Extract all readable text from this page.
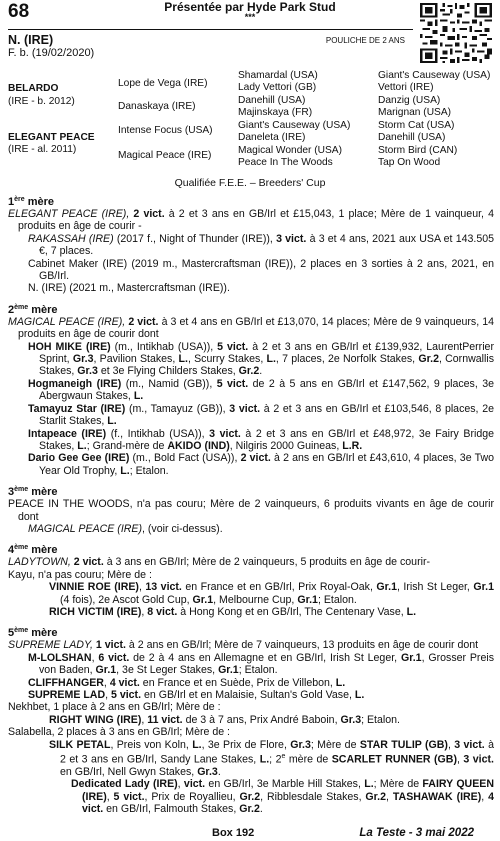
68	Présentée par Hyde Park Stud
***
N. (IRE)
F. b. (19/02/2020)
POULICHE DE 2 ANS
BELARDO
(IRE - b. 2012)
ELEGANT PEACE
(IRE - al. 2011)
Lope de Vega (IRE)
Danaskaya (IRE)
Intense Focus (USA)
Magical Peace (IRE)
Shamardal (USA)
Lady Vettori (GB)
Danehill (USA)
Majinskaya (FR)
Giant's Causeway (USA)
Daneleta (IRE)
Magical Wonder (USA)
Peace In The Woods
Giant's Causeway (USA)
Vettori (IRE)
Danzig (USA)
Marignan (USA)
Storm Cat (USA)
Danehill (USA)
Storm Bird (CAN)
Tap On Wood
Qualifiée F.E.E. – Breeders' Cup
1ère mère
ELEGANT PEACE (IRE), 2 vict. à 2 et 3 ans en GB/Irl et £15,043, 1 place; Mère de 1 vainqueur, 4 produits en âge de courir -
RAKASSAH (IRE) (2017 f., Night of Thunder (IRE)), 3 vict. à 3 et 4 ans, 2021 aux USA et 143.505 €, 7 places.
Cabinet Maker (IRE) (2019 m., Mastercraftsman (IRE)), 2 places en 3 sorties à 2 ans, 2021, en GB/Irl.
N. (IRE) (2021 m., Mastercraftsman (IRE)).
2ème mère
MAGICAL PEACE (IRE), 2 vict. à 3 et 4 ans en GB/Irl et £13,070, 14 places; Mère de 9 vainqueurs, 14 produits en âge de courir dont
HOH MIKE (IRE) (m., Intikhab (USA)), 5 vict. à 2 et 3 ans en GB/Irl et £139,932, LaurentPerrier Sprint, Gr.3, Pavilion Stakes, L., Scurry Stakes, L., 7 places, 2e Norfolk Stakes, Gr.2, Cornwallis Stakes, Gr.3 et 3e Flying Childers Stakes, Gr.2.
Hogmaneigh (IRE) (m., Namid (GB)), 5 vict. de 2 à 5 ans en GB/Irl et £147,562, 9 places, 3e Abergwaun Stakes, L.
Tamayuz Star (IRE) (m., Tamayuz (GB)), 3 vict. à 2 et 3 ans en GB/Irl et £103,546, 8 places, 2e Starlit Stakes, L.
Intapeace (IRE) (f., Intikhab (USA)), 3 vict. à 2 et 3 ans en GB/Irl et £48,972, 3e Fairy Bridge Stakes, L.; Grand-mère de AKIDO (IND), Nilgiris 2000 Guineas, L.R.
Dario Gee Gee (IRE) (m., Bold Fact (USA)), 2 vict. à 2 ans en GB/Irl et £43,610, 4 places, 3e Two Year Old Trophy, L.; Etalon.
3ème mère
PEACE IN THE WOODS, n'a pas couru; Mère de 2 vainqueurs, 6 produits vivants en âge de courir dont
MAGICAL PEACE (IRE), (voir ci-dessus).
4ème mère
LADYTOWN, 2 vict. à 3 ans en GB/Irl; Mère de 2 vainqueurs, 5 produits en âge de courir-
Kayu, n'a pas couru; Mère de :
VINNIE ROE (IRE), 13 vict. en France et en GB/Irl, Prix Royal-Oak, Gr.1, Irish St Leger, Gr.1 (4 fois), 2e Ascot Gold Cup, Gr.1, Melbourne Cup, Gr.1; Etalon.
RICH VICTIM (IRE), 8 vict. à Hong Kong et en GB/Irl, The Centenary Vase, L.
5ème mère
SUPREME LADY, 1 vict. à 2 ans en GB/Irl; Mère de 7 vainqueurs, 13 produits en âge de courir dont
M-LOLSHAN, 6 vict. de 2 à 4 ans en Allemagne et en GB/Irl, Irish St Leger, Gr.1, Grosser Preis von Baden, Gr.1, 3e St Leger Stakes, Gr.1; Etalon.
CLIFFHANGER, 4 vict. en France et en Suède, Prix de Villebon, L.
SUPREME LAD, 5 vict. en GB/Irl et en Malaisie, Sultan's Gold Vase, L.
Nekhbet, 1 place à 2 ans en GB/Irl; Mère de :
RIGHT WING (IRE), 11 vict. de 3 à 7 ans, Prix André Baboin, Gr.3; Etalon.
Salabella, 2 places à 3 ans en GB/Irl; Mère de :
SILK PETAL, Preis von Koln, L., 3e Prix de Flore, Gr.3; Mère de STAR TULIP (GB), 3 vict. à 2 et 3 ans en GB/Irl, Sandy Lane Stakes, L.; 2e mère de SCARLET RUNNER (GB), 3 vict. en GB/Irl, Nell Gwyn Stakes, Gr.3.
Dedicated Lady (IRE), vict. en GB/Irl, 3e Marble Hill Stakes, L.; Mère de FAIRY QUEEN (IRE), 5 vict., Prix de Royallieu, Gr.2, Ribblesdale Stakes, Gr.2, TASHAWAK (IRE), 4 vict. en GB/Irl, Falmouth Stakes, Gr.2.
Box 192	La Teste - 3 mai 2022
